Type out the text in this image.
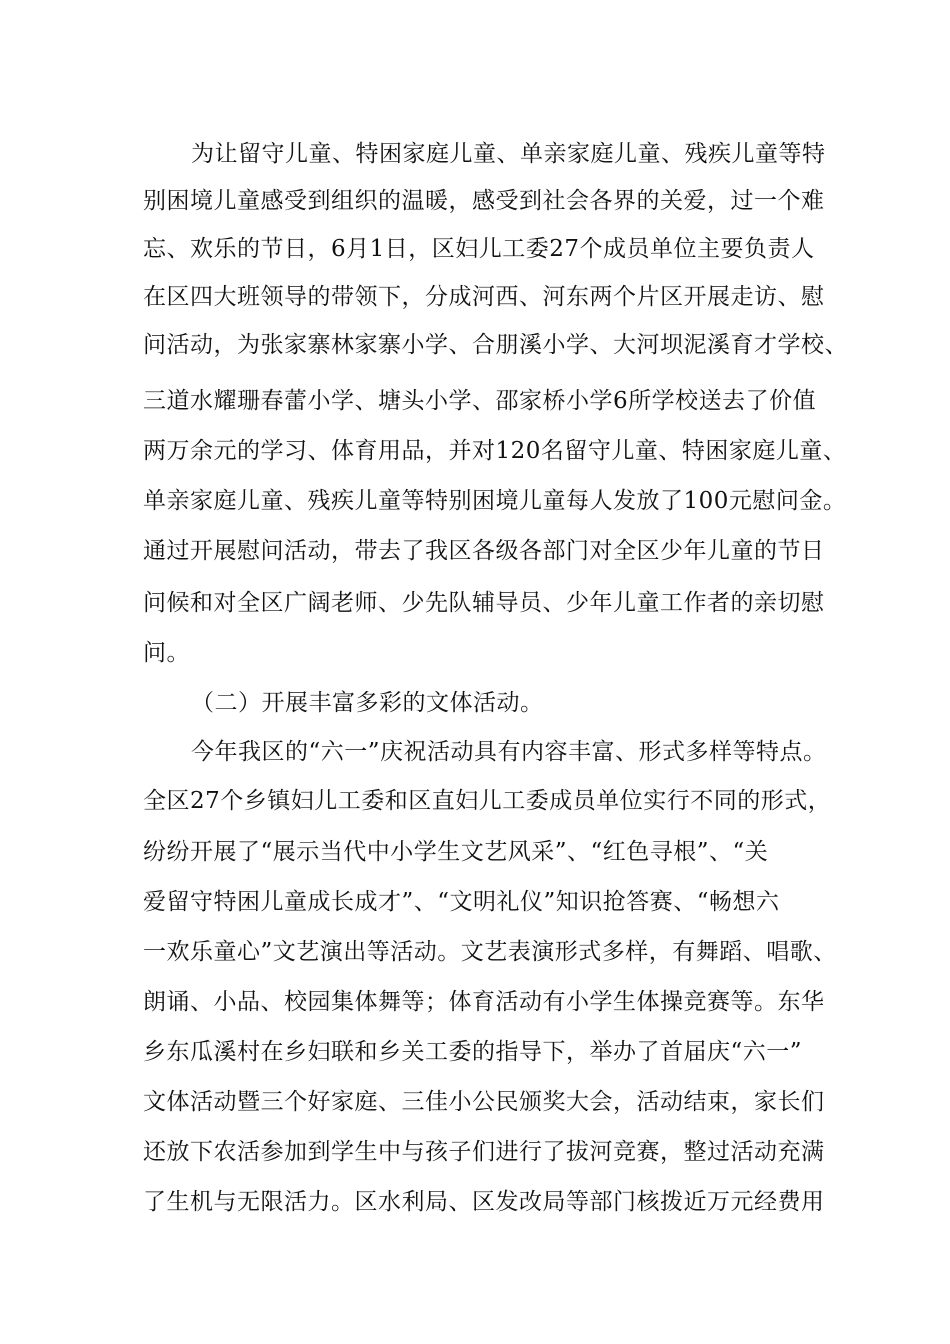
为让留守儿童、特困家庭儿童、单亲家庭儿童、残疾儿童等特
别困境儿童感受到组织的温暖，感受到社会各界的关爱，过一个难
忘、欢乐的节日，6月1日，区妇儿工委27个成员单位主要负责人
在区四大班领导的带领下，分成河西、河东两个片区开展走访、慰
问活动，为张家寨林家寨小学、合朋溪小学、大河坝泥溪育才学校、
三道水耀珊春蕾小学、塘头小学、邵家桥小学6所学校送去了价值
两万余元的学习、体育用品，并对120名留守儿童、特困家庭儿童、
单亲家庭儿童、残疾儿童等特别困境儿童每人发放了100元慰问金。
通过开展慰问活动，带去了我区各级各部门对全区少年儿童的节日
问候和对全区广阔老师、少先队辅导员、少年儿童工作者的亲切慰
问。
（二）开展丰富多彩的文体活动。
今年我区的“六一”庆祝活动具有内容丰富、形式多样等特点。
全区27个乡镇妇儿工委和区直妇儿工委成员单位实行不同的形式，
纷纷开展了“展示当代中小学生文艺风采”、“红色寻根”、“关
爱留守特困儿童成长成才”、“文明礼仪”知识抢答赛、“畅想六
一欢乐童心”文艺演出等活动。文艺表演形式多样，有舞蹈、唱歌、
朗诵、小品、校园集体舞等；体育活动有小学生体操竞赛等。东华
乡东瓜溪村在乡妇联和乡关工委的指导下，举办了首届庆“六一”
文体活动暨三个好家庭、三佳小公民颁奖大会，活动结束，家长们
还放下农活参加到学生中与孩子们进行了拔河竞赛，整过活动充满
了生机与无限活力。区水利局、区发改局等部门核拨近万元经费用
